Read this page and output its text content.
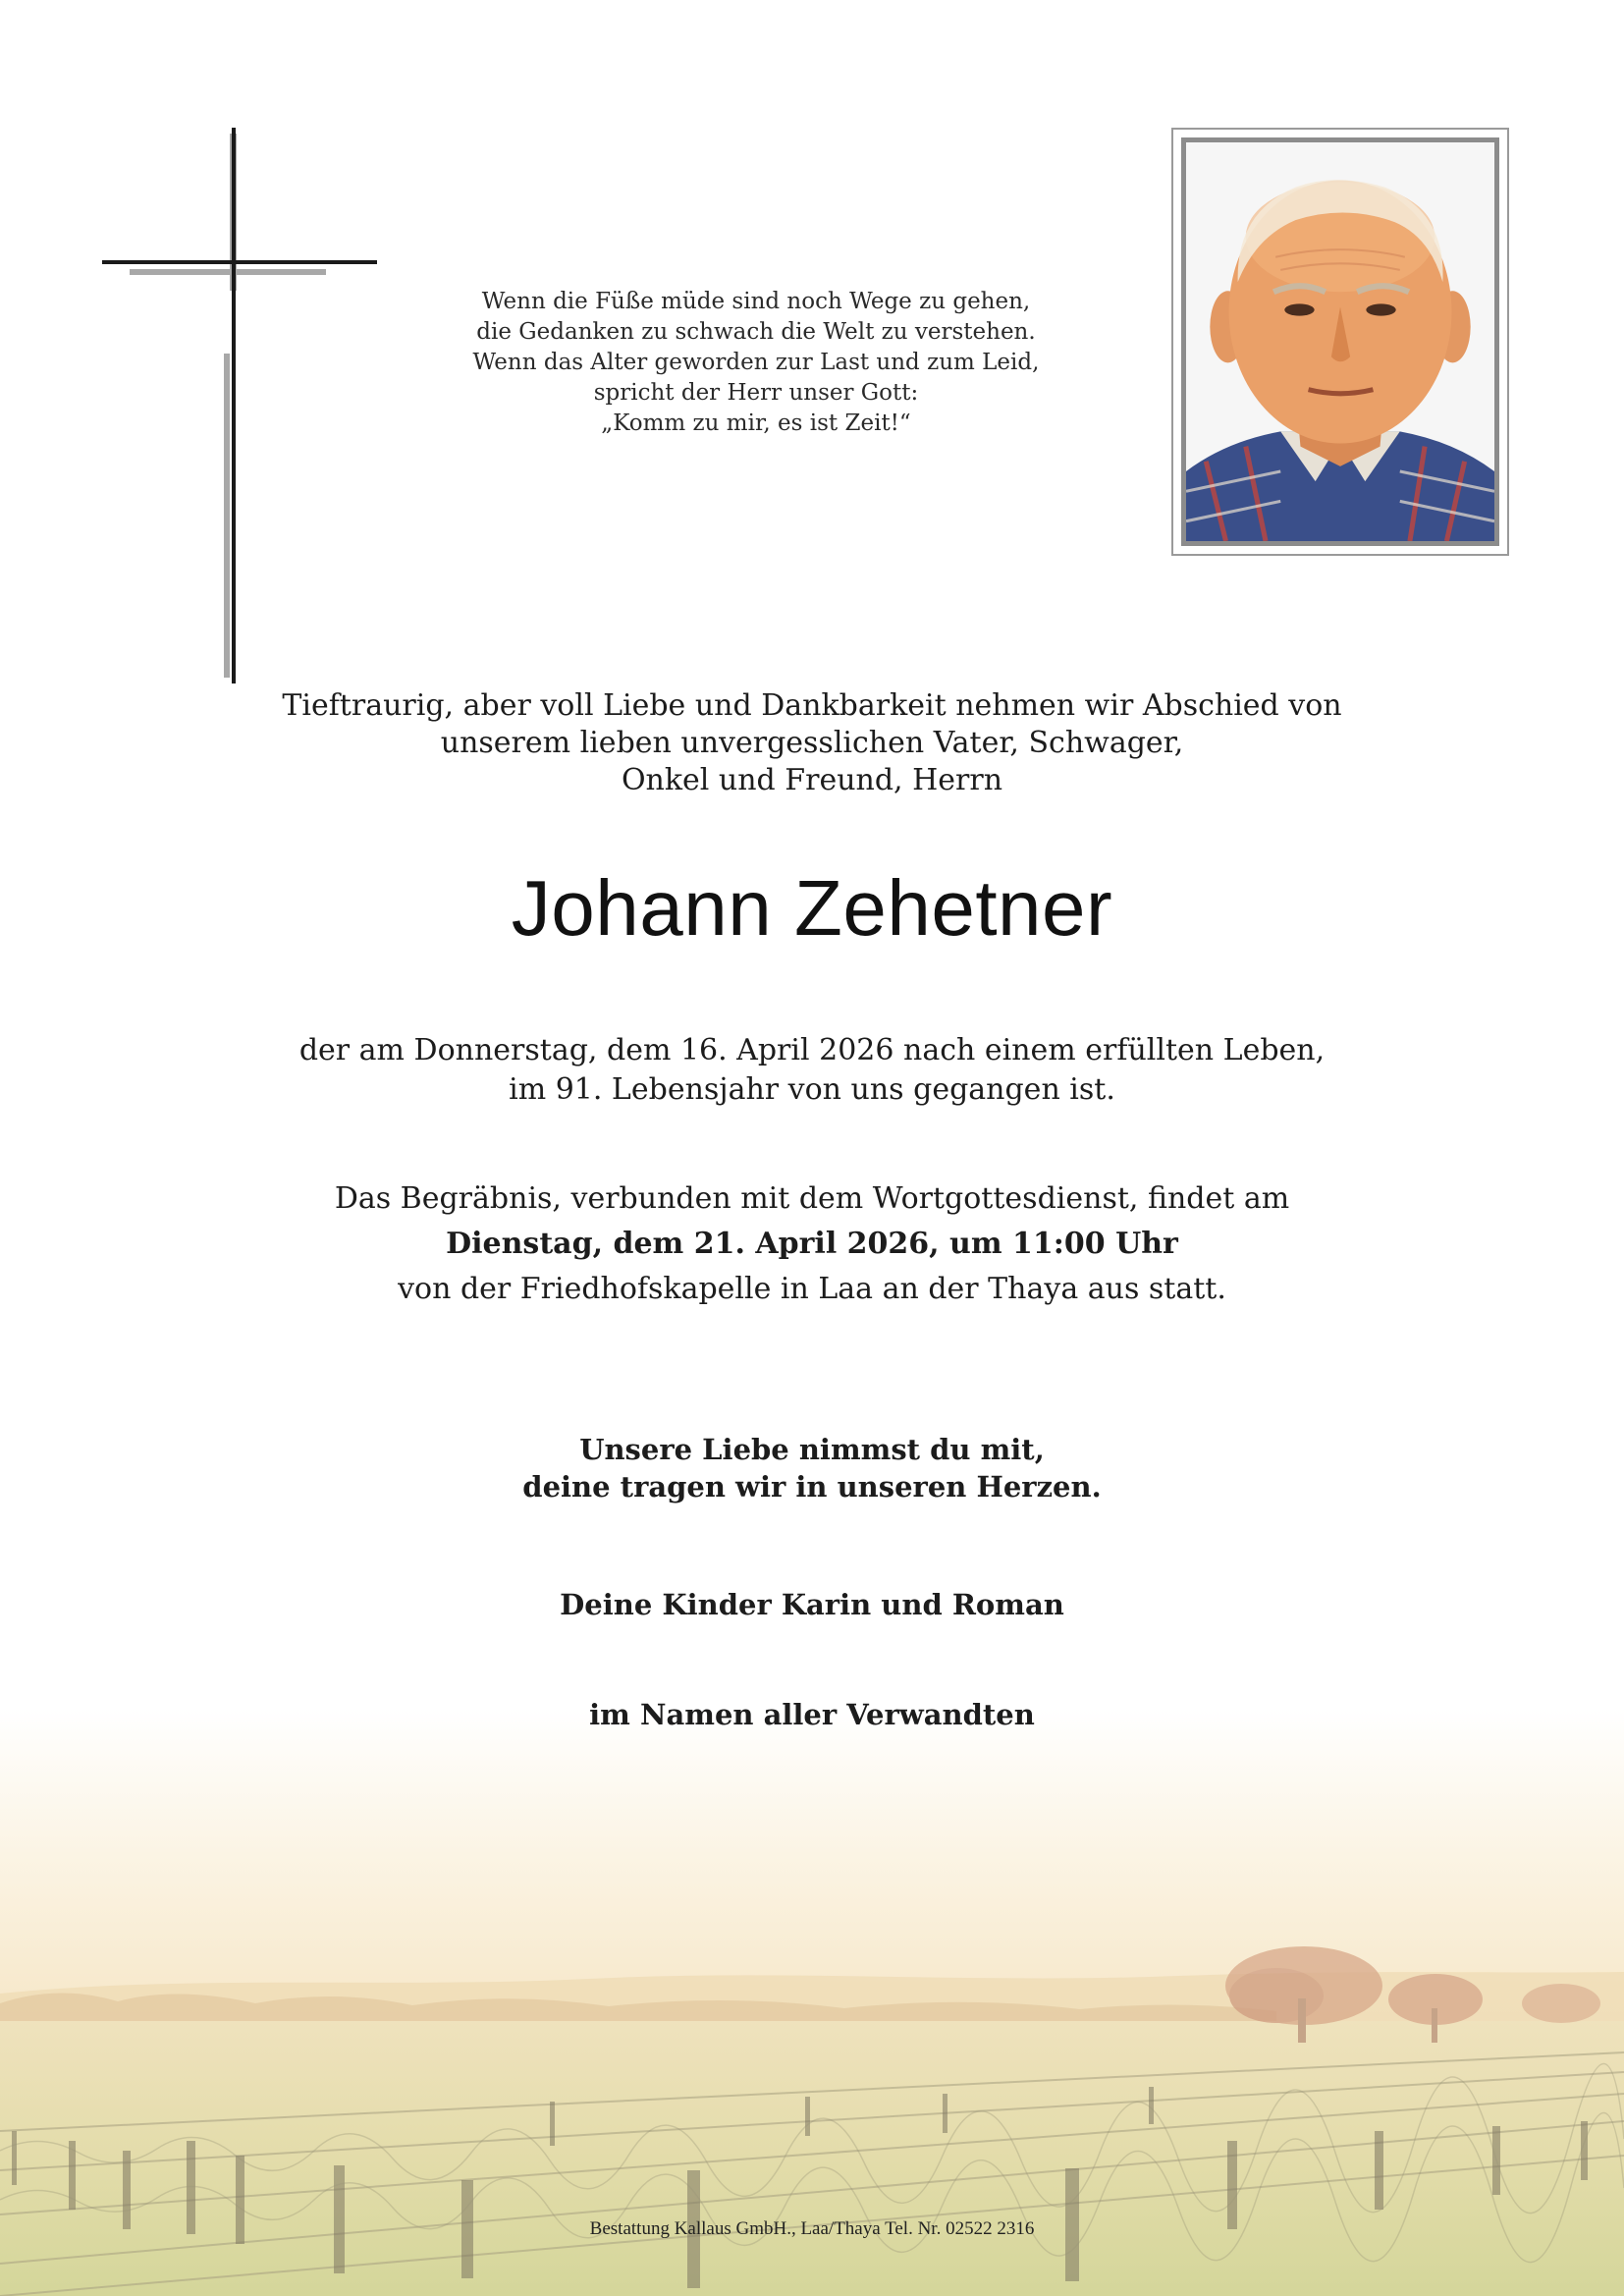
Wenn die Füße müde sind noch Wege zu gehen,
die Gedanken zu schwach die Welt zu verstehen.
Wenn das Alter geworden zur Last und zum Leid,
spricht der Herr unser Gott:
„Komm zu mir, es ist Zeit!“
Tieftraurig, aber voll Liebe und Dankbarkeit nehmen wir Abschied von
unserem lieben unvergesslichen Vater, Schwager,
Onkel und Freund, Herrn
Johann Zehetner
der am Donnerstag, dem 16. April 2026 nach einem erfüllten Leben,
im 91. Lebensjahr von uns gegangen ist.
Das Begräbnis, verbunden mit dem Wortgottesdienst, findet am
Dienstag, dem 21. April 2026, um 11:00 Uhr
von der Friedhofskapelle in Laa an der Thaya aus statt.
Unsere Liebe nimmst du mit,
deine tragen wir in unseren Herzen.
Deine Kinder Karin und Roman
im Namen aller Verwandten
Bestattung Kallaus GmbH., Laa/Thaya Tel. Nr. 02522 2316
